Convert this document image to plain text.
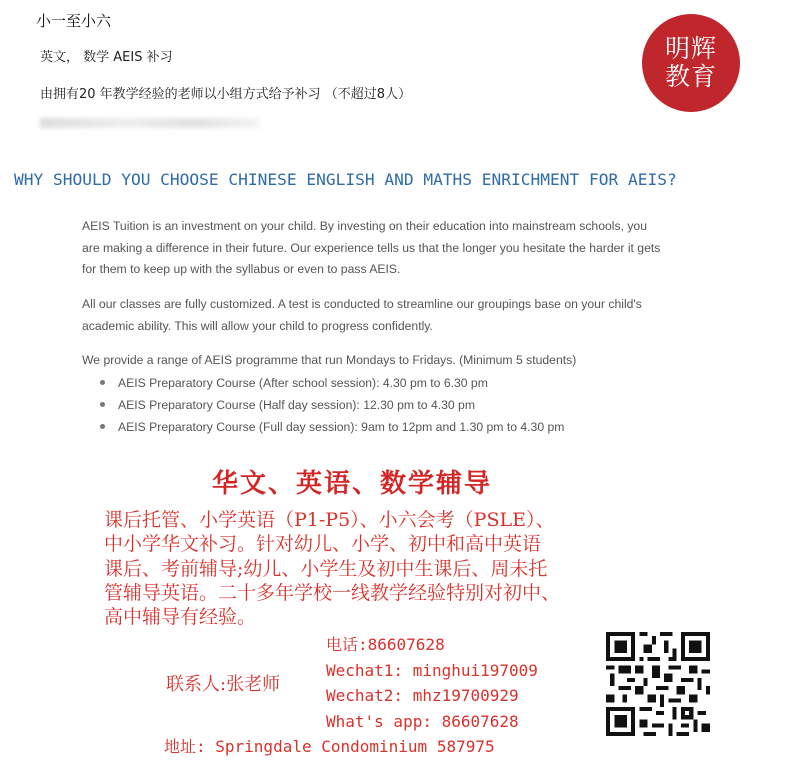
小一至小六
英文， 数学 AEIS 补习
由拥有20 年教学经验的老师以小组方式给予补习 （不超过8人）
明辉
教育
WHY SHOULD YOU CHOOSE CHINESE ENGLISH AND MATHS ENRICHMENT FOR AEIS?
AEIS Tuition is an investment on your child. By investing on their education into mainstream schools, you are making a difference in their future. Our experience tells us that the longer you hesitate the harder it gets for them to keep up with the syllabus or even to pass AEIS.
All our classes are fully customized. A test is conducted to streamline our groupings base on your child's academic ability. This will allow your child to progress confidently.
We provide a range of AEIS programme that run Mondays to Fridays. (Minimum 5 students)
AEIS Preparatory Course (After school session): 4.30 pm to 6.30 pm
AEIS Preparatory Course (Half day session): 12.30 pm to 4.30 pm
AEIS Preparatory Course (Full day session): 9am to 12pm and 1.30 pm to 4.30 pm
华文、英语、数学辅导
课后托管、小学英语（P1-P5）、小六会考（PSLE）、
中小学华文补习。针对幼儿、小学、初中和高中英语
课后、考前辅导;幼儿、小学生及初中生课后、周未托
管辅导英语。二十多年学校一线教学经验特别对初中、
高中辅导有经验。
联系人:张老师
电话:86607628
Wechat1: minghui197009
Wechat2: mhz19700929
What's app: 86607628
地址: Springdale Condominium 587975
